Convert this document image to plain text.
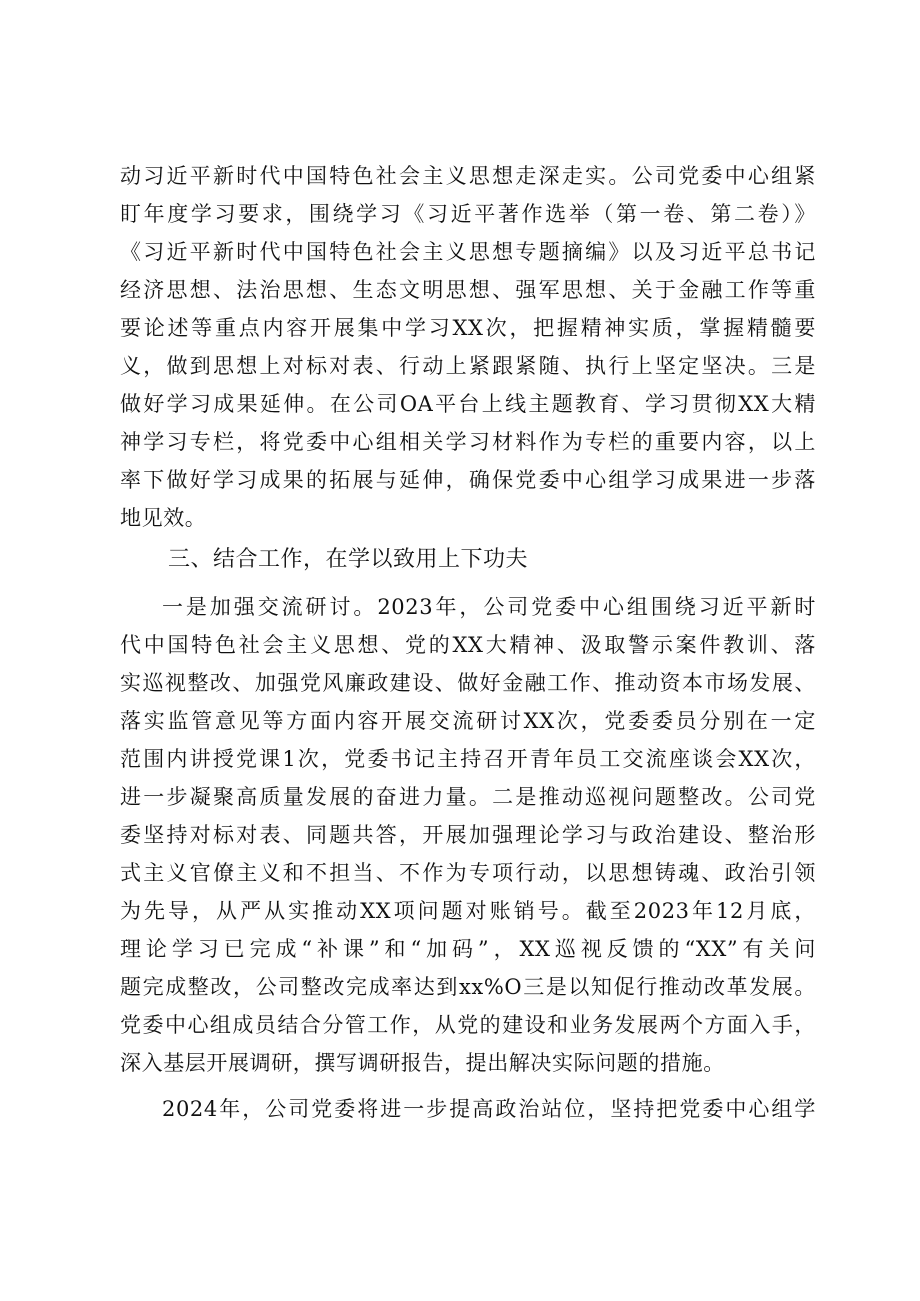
动习近平新时代中国特色社会主义思想走深走实。公司党委中心组紧
盯年度学习要求，围绕学习《习近平著作选举（第一卷、第二卷）》
《习近平新时代中国特色社会主义思想专题摘编》以及习近平总书记
经济思想、法治思想、生态文明思想、强军思想、关于金融工作等重
要论述等重点内容开展集中学习XX次，把握精神实质，掌握精髓要
义，做到思想上对标对表、行动上紧跟紧随、执行上坚定坚决。三是
做好学习成果延伸。在公司OA平台上线主题教育、学习贯彻XX大精
神学习专栏，将党委中心组相关学习材料作为专栏的重要内容，以上
率下做好学习成果的拓展与延伸，确保党委中心组学习成果进一步落
地见效。
三、结合工作，在学以致用上下功夫
一是加强交流研讨。2023年，公司党委中心组围绕习近平新时
代中国特色社会主义思想、党的XX大精神、汲取警示案件教训、落
实巡视整改、加强党风廉政建设、做好金融工作、推动资本市场发展、
落实监管意见等方面内容开展交流研讨XX次，党委委员分别在一定
范围内讲授党课1次，党委书记主持召开青年员工交流座谈会XX次，
进一步凝聚高质量发展的奋进力量。二是推动巡视问题整改。公司党
委坚持对标对表、同题共答，开展加强理论学习与政治建设、整治形
式主义官僚主义和不担当、不作为专项行动，以思想铸魂、政治引领
为先导，从严从实推动XX项问题对账销号。截至2023年12月底，
理论学习已完成“补课”和“加码”，XX巡视反馈的“XX”有关问
题完成整改，公司整改完成率达到xx%O三是以知促行推动改革发展。
党委中心组成员结合分管工作，从党的建设和业务发展两个方面入手，
深入基层开展调研，撰写调研报告，提出解决实际问题的措施。
2024年，公司党委将进一步提高政治站位，坚持把党委中心组学
